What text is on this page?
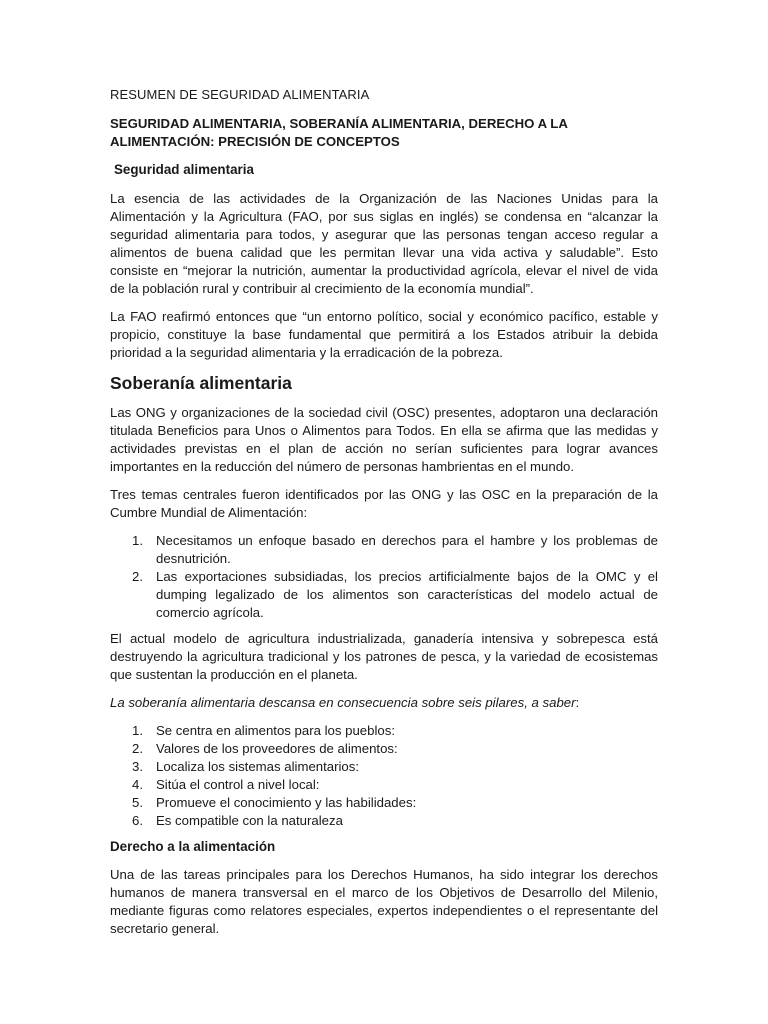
RESUMEN DE SEGURIDAD ALIMENTARIA
SEGURIDAD ALIMENTARIA, SOBERANÍA ALIMENTARIA, DERECHO A LA ALIMENTACIÓN: PRECISIÓN DE CONCEPTOS
Seguridad alimentaria

La esencia de las actividades de la Organización de las Naciones Unidas para la Alimentación y la Agricultura (FAO, por sus siglas en inglés) se condensa en “alcanzar la seguridad alimentaria para todos, y asegurar que las personas tengan acceso regular a alimentos de buena calidad que les permitan llevar una vida activa y saludable”. Esto consiste en “mejorar la nutrición, aumentar la productividad agrícola, elevar el nivel de vida de la población rural y contribuir al crecimiento de la economía mundial”.

La FAO reafirmó entonces que “un entorno político, social y económico pacífico, estable y propicio, constituye la base fundamental que permitirá a los Estados atribuir la debida prioridad a la seguridad alimentaria y la erradicación de la pobreza.

Soberanía alimentaria

Las ONG y organizaciones de la sociedad civil (OSC) presentes, adoptaron una declaración titulada Beneficios para Unos o Alimentos para Todos. En ella se afirma que las medidas y actividades previstas en el plan de acción no serían suficientes para lograr avances importantes en la reducción del número de personas hambrientas en el mundo.

Tres temas centrales fueron identificados por las ONG y las OSC en la preparación de la Cumbre Mundial de Alimentación:

1. Necesitamos un enfoque basado en derechos para el hambre y los problemas de desnutrición.
2. Las exportaciones subsidiadas, los precios artificialmente bajos de la OMC y el dumping legalizado de los alimentos son características del modelo actual de comercio agrícola.

El actual modelo de agricultura industrializada, ganadería intensiva y sobrepesca está destruyendo la agricultura tradicional y los patrones de pesca, y la variedad de ecosistemas que sustentan la producción en el planeta.

La soberanía alimentaria descansa en consecuencia sobre seis pilares, a saber:

1. Se centra en alimentos para los pueblos:
2. Valores de los proveedores de alimentos:
3. Localiza los sistemas alimentarios:
4. Sitúa el control a nivel local:
5. Promueve el conocimiento y las habilidades:
6. Es compatible con la naturaleza
Derecho a la alimentación

Una de las tareas principales para los Derechos Humanos, ha sido integrar los derechos humanos de manera transversal en el marco de los Objetivos de Desarrollo del Milenio, mediante figuras como relatores especiales, expertos independientes o el representante del secretario general.
